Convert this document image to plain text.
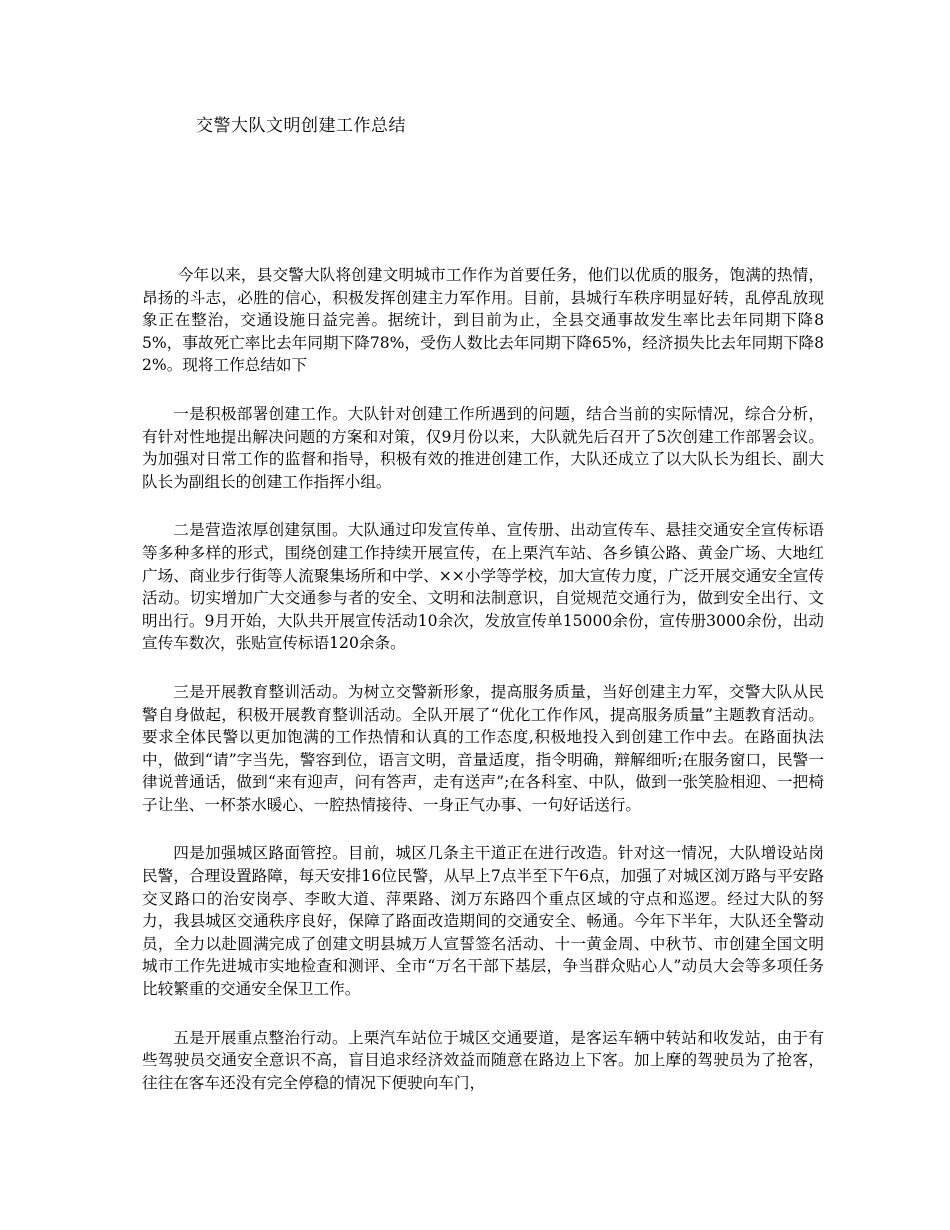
交警大队文明创建工作总结

今年以来，县交警大队将创建文明城市工作作为首要任务，他们以优质的服务，饱满的热情，昂扬的斗志，必胜的信心，积极发挥创建主力军作用。目前，县城行车秩序明显好转，乱停乱放现象正在整治，交通设施日益完善。据统计，到目前为止，全县交通事故发生率比去年同期下降85%，事故死亡率比去年同期下降78%，受伤人数比去年同期下降65%，经济损失比去年同期下降82%。现将工作总结如下

一是积极部署创建工作。大队针对创建工作所遇到的问题，结合当前的实际情况，综合分析，有针对性地提出解决问题的方案和对策，仅9月份以来，大队就先后召开了5次创建工作部署会议。为加强对日常工作的监督和指导，积极有效的推进创建工作，大队还成立了以大队长为组长、副大队长为副组长的创建工作指挥小组。

二是营造浓厚创建氛围。大队通过印发宣传单、宣传册、出动宣传车、悬挂交通安全宣传标语等多种多样的形式，围绕创建工作持续开展宣传，在上栗汽车站、各乡镇公路、黄金广场、大地红广场、商业步行街等人流聚集场所和中学、××小学等学校，加大宣传力度，广泛开展交通安全宣传活动。切实增加广大交通参与者的安全、文明和法制意识，自觉规范交通行为，做到安全出行、文明出行。9月开始，大队共开展宣传活动10余次，发放宣传单15000余份，宣传册3000余份，出动宣传车数次，张贴宣传标语120余条。

三是开展教育整训活动。为树立交警新形象，提高服务质量，当好创建主力军，交警大队从民警自身做起，积极开展教育整训活动。全队开展了“优化工作作风，提高服务质量”主题教育活动。要求全体民警以更加饱满的工作热情和认真的工作态度,积极地投入到创建工作中去。在路面执法中，做到“请”字当先，警容到位，语言文明，音量适度，指令明确，辩解细听;在服务窗口，民警一律说普通话，做到“来有迎声，问有答声，走有送声”;在各科室、中队，做到一张笑脸相迎、一把椅子让坐、一杯茶水暖心、一腔热情接待、一身正气办事、一句好话送行。

四是加强城区路面管控。目前，城区几条主干道正在进行改造。针对这一情况，大队增设站岗民警，合理设置路障，每天安排16位民警，从早上7点半至下午6点，加强了对城区浏万路与平安路交叉路口的治安岗亭、李畋大道、萍栗路、浏万东路四个重点区域的守点和巡逻。经过大队的努力，我县城区交通秩序良好，保障了路面改造期间的交通安全、畅通。今年下半年，大队还全警动员，全力以赴圆满完成了创建文明县城万人宣誓签名活动、十一黄金周、中秋节、市创建全国文明城市工作先进城市实地检查和测评、全市“万名干部下基层，争当群众贴心人”动员大会等多项任务比较繁重的交通安全保卫工作。

五是开展重点整治行动。上栗汽车站位于城区交通要道，是客运车辆中转站和收发站，由于有些驾驶员交通安全意识不高，盲目追求经济效益而随意在路边上下客。加上摩的驾驶员为了抢客，往往在客车还没有完全停稳的情况下便驶向车门，
